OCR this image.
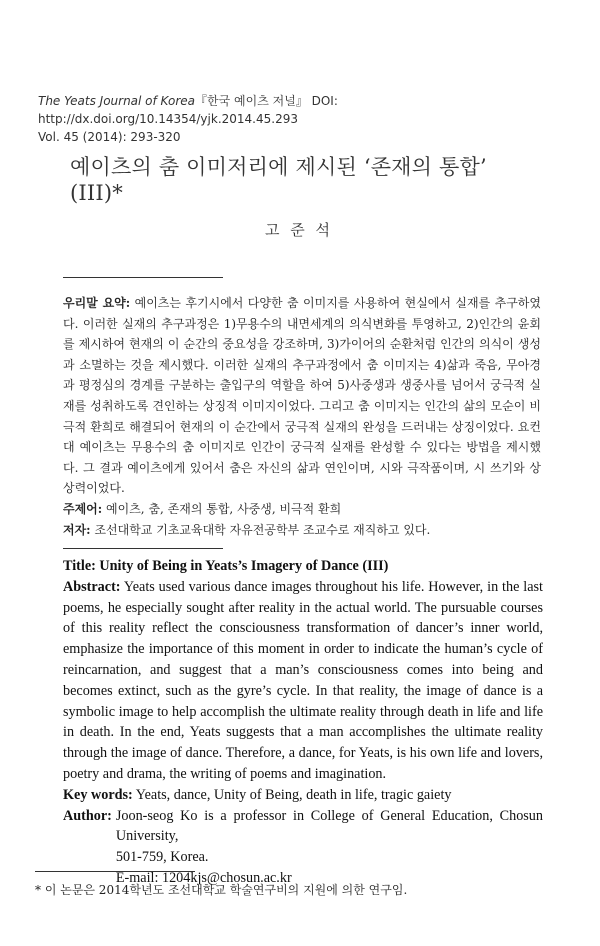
The Yeats Journal of Korea『한국 예이츠 저널』 DOI: http://dx.doi.org/10.14354/yjk.2014.45.293
Vol. 45 (2014): 293-320
예이츠의 춤 이미저리에 제시된 ‘존재의 통합’ (III)*
고 준 석

우리말 요약: 예이츠는 후기시에서 다양한 춤 이미지를 사용하여 현실에서 실재를 추구하였다. 이러한 실재의 추구과정은 1)무용수의 내면세계의 의식변화를 투영하고, 2)인간의 윤회를 제시하여 현재의 이 순간의 중요성을 강조하며, 3)가이어의 순환처럼 인간의 의식이 생성과 소멸하는 것을 제시했다. 이러한 실재의 추구과정에서 춤 이미지는 4)삶과 죽음, 무아경과 평정심의 경계를 구분하는 출입구의 역할을 하여 5)사중생과 생중사를 넘어서 궁극적 실재를 성취하도록 견인하는 상징적 이미지이었다. 그리고 춤 이미지는 인간의 삶의 모순이 비극적 환희로 해결되어 현재의 이 순간에서 궁극적 실재의 완성을 드러내는 상징이었다. 요컨대 예이츠는 무용수의 춤 이미지로 인간이 궁극적 실재를 완성할 수 있다는 방법을 제시했다. 그 결과 예이츠에게 있어서 춤은 자신의 삶과 연인이며, 시와 극작품이며, 시 쓰기와 상상력이었다.

주제어: 예이츠, 춤, 존재의 통합, 사중생, 비극적 환희

저자: 조선대학교 기초교육대학 자유전공학부 조교수로 재직하고 있다.

Title: Unity of Being in Yeats’s Imagery of Dance (III)

Abstract: Yeats used various dance images throughout his life. However, in the last poems, he especially sought after reality in the actual world. The pursuable courses of this reality reflect the consciousness transformation of dancer’s inner world, emphasize the importance of this moment in order to indicate the human’s cycle of reincarnation, and suggest that a man’s consciousness comes into being and becomes extinct, such as the gyre’s cycle. In that reality, the image of dance is a symbolic image to help accomplish the ultimate reality through death in life and life in death. In the end, Yeats suggests that a man accomplishes the ultimate reality through the image of dance. Therefore, a dance, for Yeats, is his own life and lovers, poetry and drama, the writing of poems and imagination.

Key words: Yeats, dance, Unity of Being, death in life, tragic gaiety

Author: Joon-seog Ko is a professor in College of General Education, Chosun University,
501-759, Korea.
E-mail: 1204kjs@chosun.ac.kr
* 이 논문은 2014학년도 조선대학교 학술연구비의 지원에 의한 연구임.
